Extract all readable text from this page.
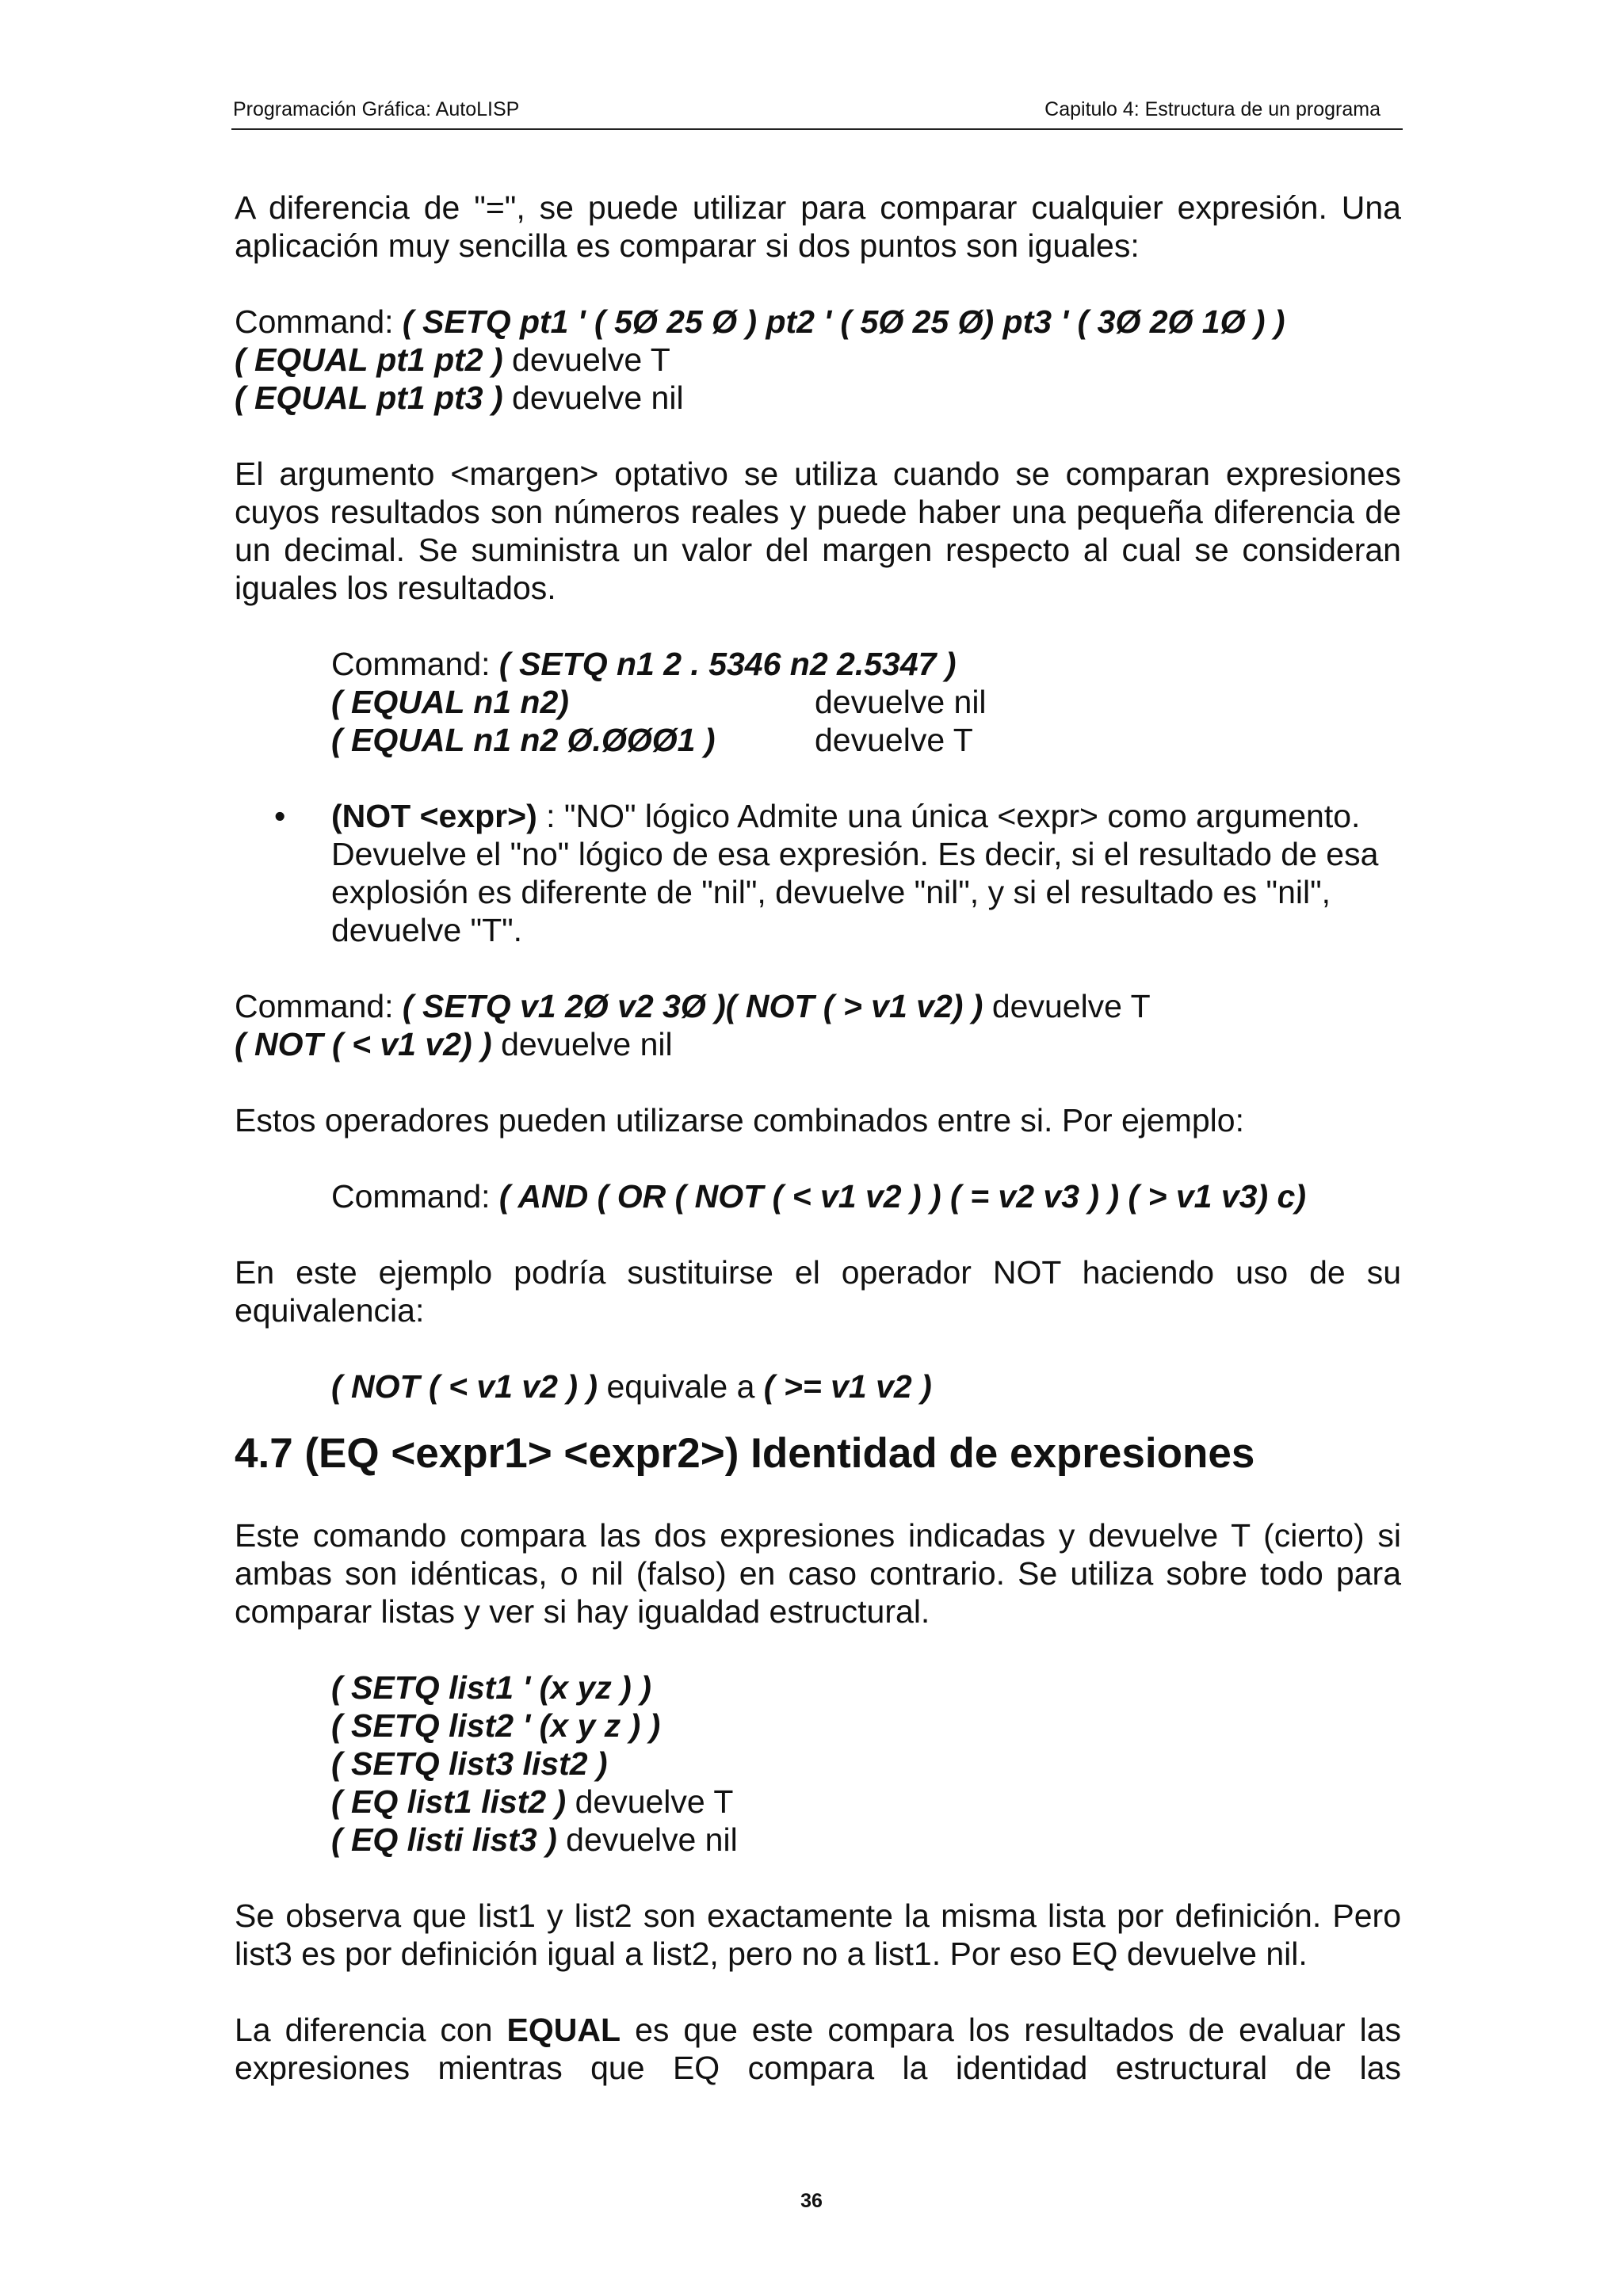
Programación Gráfica: AutoLISP	Capitulo 4: Estructura de un programa

A diferencia de "=", se puede utilizar para comparar cualquier expresión. Una aplicación muy sencilla es comparar si dos puntos son iguales:

Command: ( SETQ pt1 ' ( 5Ø 25 Ø ) pt2 ' ( 5Ø 25 Ø) pt3 ' ( 3Ø 2Ø 1Ø ) )

( EQUAL pt1 pt2 ) devuelve T

( EQUAL pt1 pt3 ) devuelve nil

El argumento <margen> optativo se utiliza cuando se comparan expresiones cuyos resultados son números reales y puede haber una pequeña diferencia de un decimal. Se suministra un valor del margen respecto al cual se consideran iguales los resultados.

Command: ( SETQ n1 2 . 5346 n2 2.5347 )

( EQUAL n1 n2)	devuelve nil
( EQUAL n1 n2 Ø.ØØØ1 )	devuelve T
• (NOT <expr>) : "NO" lógico Admite una única <expr> como argumento.

Devuelve el "no" lógico de esa expresión. Es decir, si el resultado de esa

explosión es diferente de "nil", devuelve "nil", y si el resultado es "nil",

devuelve "T".

Command: ( SETQ v1 2Ø v2 3Ø )( NOT ( > v1 v2) ) devuelve T

( NOT ( < v1 v2) ) devuelve nil

Estos operadores pueden utilizarse combinados entre si. Por ejemplo:

Command: ( AND ( OR ( NOT ( < v1 v2 ) ) ( = v2 v3 ) ) ( > v1 v3) c)

En este ejemplo podría sustituirse el operador NOT haciendo uso de su equivalencia:

( NOT ( < v1 v2 ) ) equivale a ( >= v1 v2 )

4.7 (EQ <expr1> <expr2>) Identidad de expresiones

Este comando compara las dos expresiones indicadas y devuelve T (cierto) si ambas son idénticas, o nil (falso) en caso contrario. Se utiliza sobre todo para comparar listas y ver si hay igualdad estructural.

( SETQ list1 ' (x yz ) )

( SETQ list2 ' (x y z ) )

( SETQ list3 list2 )

( EQ list1 list2 ) devuelve T

( EQ listi list3 ) devuelve nil

Se observa que list1 y list2 son exactamente la misma lista por definición. Pero list3 es por definición igual a list2, pero no a list1. Por eso EQ devuelve nil.

La diferencia con EQUAL es que este compara los resultados de evaluar las expresiones mientras que EQ compara la identidad estructural de las

36
